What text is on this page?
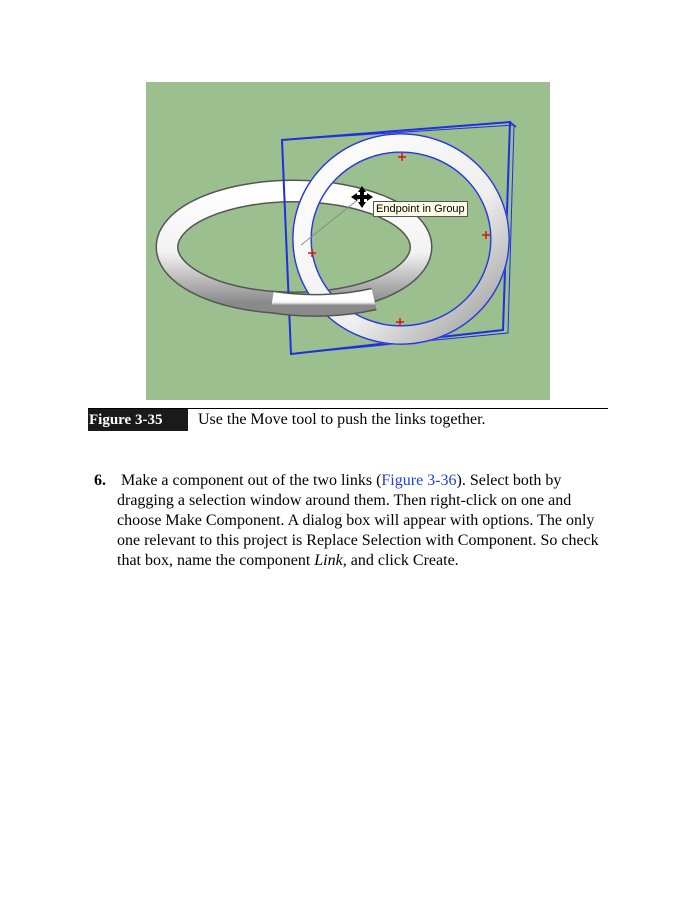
Endpoint in Group
Figure 3-35	Use the Move tool to push the links together.
6. Make a component out of the two links (Figure 3-36). Select both by dragging a selection window around them. Then right-click on one and choose Make Component. A dialog box will appear with options. The only one relevant to this project is Replace Selection with Component. So check that box, name the component Link, and click Create.
